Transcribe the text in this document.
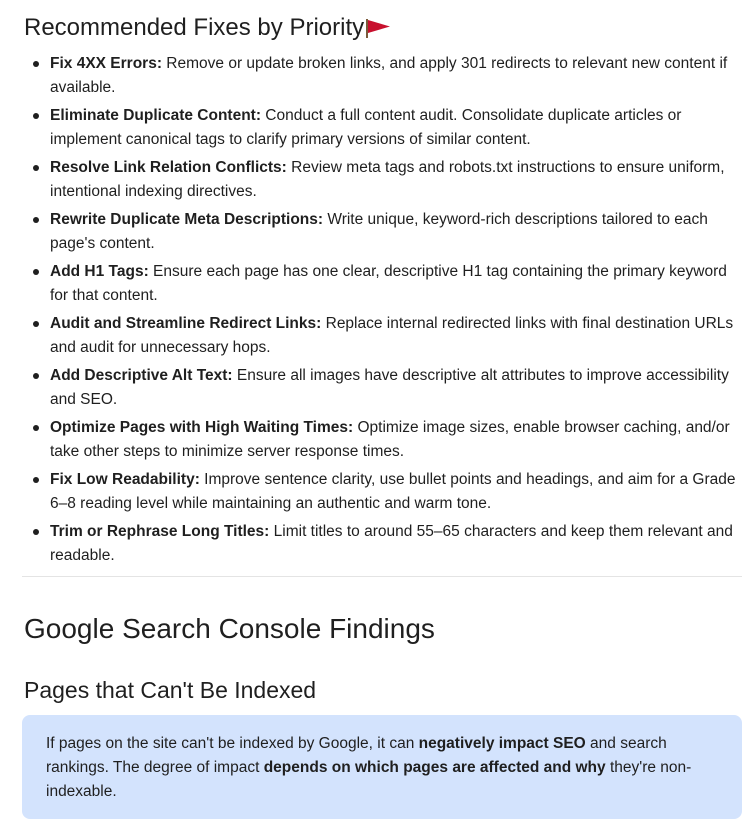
Recommended Fixes by Priority
Fix 4XX Errors: Remove or update broken links, and apply 301 redirects to relevant new content if available.
Eliminate Duplicate Content: Conduct a full content audit. Consolidate duplicate articles or implement canonical tags to clarify primary versions of similar content.
Resolve Link Relation Conflicts: Review meta tags and robots.txt instructions to ensure uniform, intentional indexing directives.
Rewrite Duplicate Meta Descriptions: Write unique, keyword-rich descriptions tailored to each page's content.
Add H1 Tags: Ensure each page has one clear, descriptive H1 tag containing the primary keyword for that content.
Audit and Streamline Redirect Links: Replace internal redirected links with final destination URLs and audit for unnecessary hops.
Add Descriptive Alt Text: Ensure all images have descriptive alt attributes to improve accessibility and SEO.
Optimize Pages with High Waiting Times: Optimize image sizes, enable browser caching, and/or take other steps to minimize server response times.
Fix Low Readability: Improve sentence clarity, use bullet points and headings, and aim for a Grade 6–8 reading level while maintaining an authentic and warm tone.
Trim or Rephrase Long Titles: Limit titles to around 55–65 characters and keep them relevant and readable.
Google Search Console Findings
Pages that Can't Be Indexed
If pages on the site can't be indexed by Google, it can negatively impact SEO and search rankings. The degree of impact depends on which pages are affected and why they're non-indexable.
